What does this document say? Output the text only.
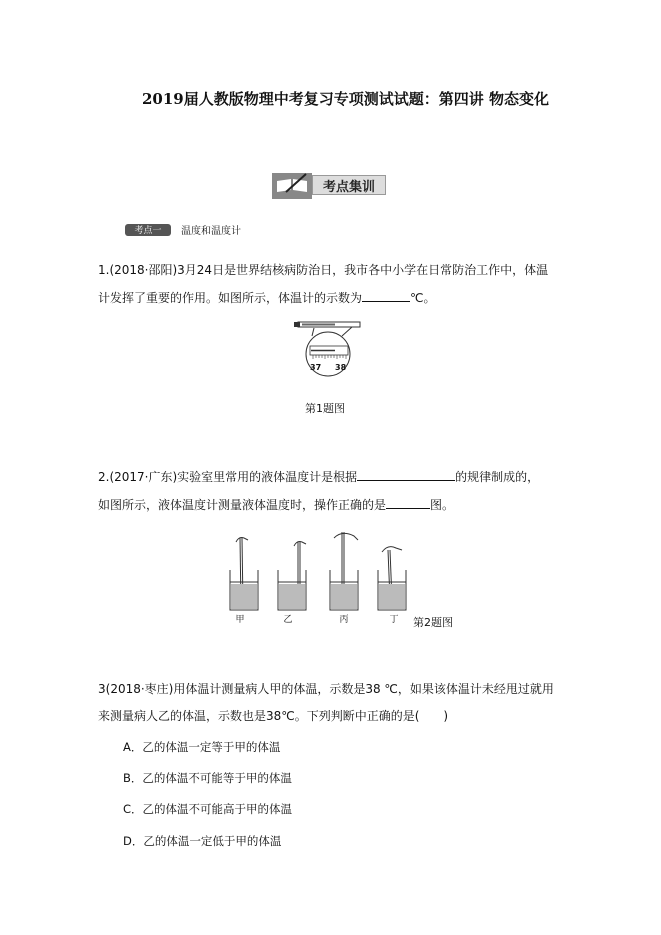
2019届人教版物理中考复习专项测试试题：第四讲 物态变化
考点集训
考点一	温度和温度计
1.(2018·邵阳)3月24日是世界结核病防治日，我市各中小学在日常防治工作中，体温
计发挥了重要的作用。如图所示，体温计的示数为	℃。
37 38
第1题图
2.(2017·广东)实验室里常用的液体温度计是根据	的规律制成的，
如图所示，液体温度计测量液体温度时，操作正确的是	图。
甲	乙	丙	丁 第2题图
3(2018·枣庄)用体温计测量病人甲的体温，示数是38 ℃，如果该体温计未经甩过就用
来测量病人乙的体温，示数也是38℃。下列判断中正确的是(　　)
A．乙的体温一定等于甲的体温
B．乙的体温不可能等于甲的体温
C．乙的体温不可能高于甲的体温
D．乙的体温一定低于甲的体温
